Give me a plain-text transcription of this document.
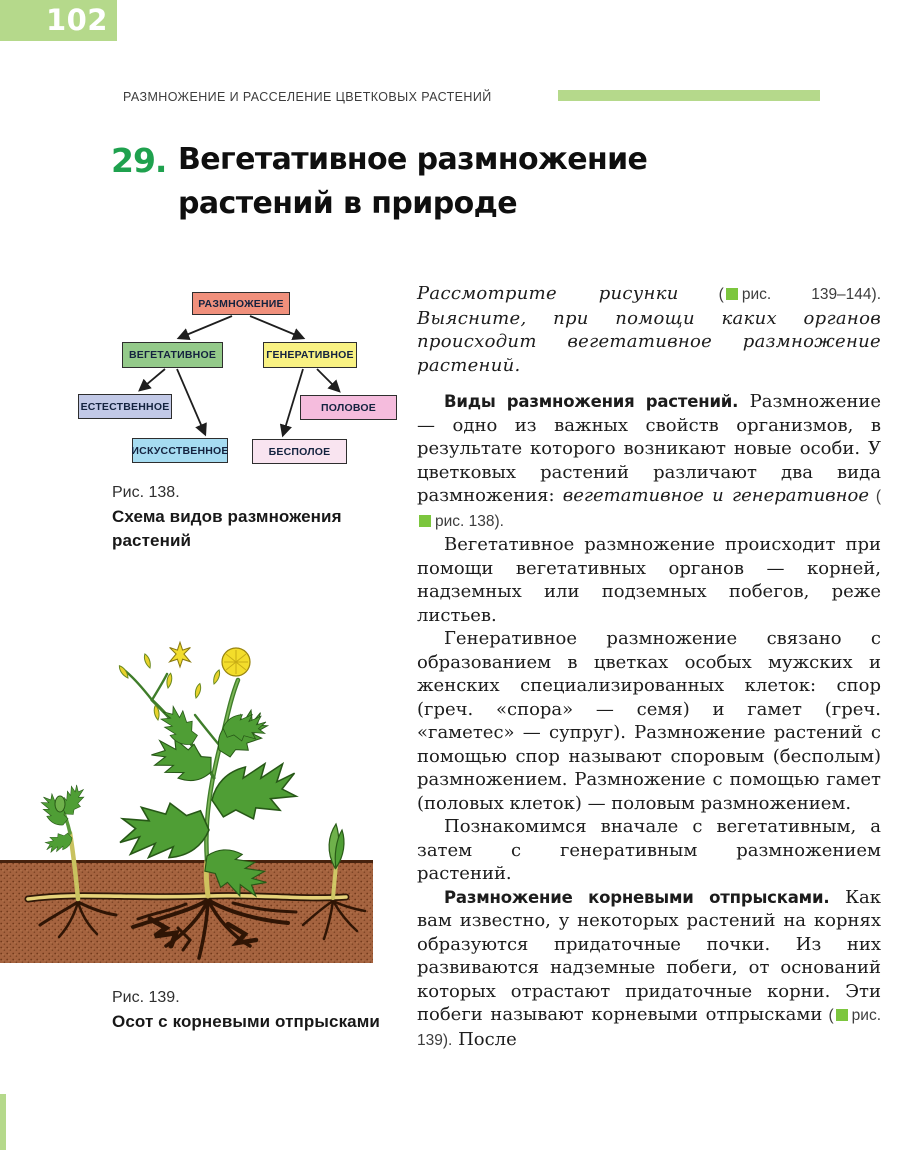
102
РАЗМНОЖЕНИЕ И РАССЕЛЕНИЕ ЦВЕТКОВЫХ РАСТЕНИЙ
29. Вегетативное размножение растений в природе
РАЗМНОЖЕНИЕ
ВЕГЕТАТИВНОЕ	ГЕНЕРАТИВНОЕ
ЕСТЕСТВЕННОЕ	ПОЛОВОЕ
ИСКУССТВЕННОЕ	БЕСПОЛОЕ
Рис. 138.
Схема видов размножения растений
Рис. 139.
Осот с корневыми отпрысками

Рассмотрите рисунки ( рис. 139–144). Выясните, при помощи каких органов происходит вегетативное размножение растений.

Виды размножения растений. Размножение — одно из важных свойств организмов, в результате которого возникают новые особи. У цветковых растений различают два вида размножения: вегетативное и генеративное (рис. 138).

Вегетативное размножение происходит при помощи вегетативных органов — корней, надземных или подземных побегов, реже листьев.

Генеративное размножение связано с образованием в цветках особых мужских и женских специализированных клеток: спор (греч. «спора» — семя) и гамет (греч. «гаметес» — супруг). Размножение растений с помощью спор называют споровым (бесполым) размножением. Размножение с помощью гамет (половых клеток) — половым размножением.

Познакомимся вначале с вегетативным, а затем с генеративным размножением растений.

Размножение корневыми отпрысками. Как вам известно, у некоторых растений на корнях образуются придаточные почки. Из них развиваются надземные побеги, от оснований которых отрастают придаточные корни. Эти побеги называют корневыми отпрысками ( рис. 139). После
